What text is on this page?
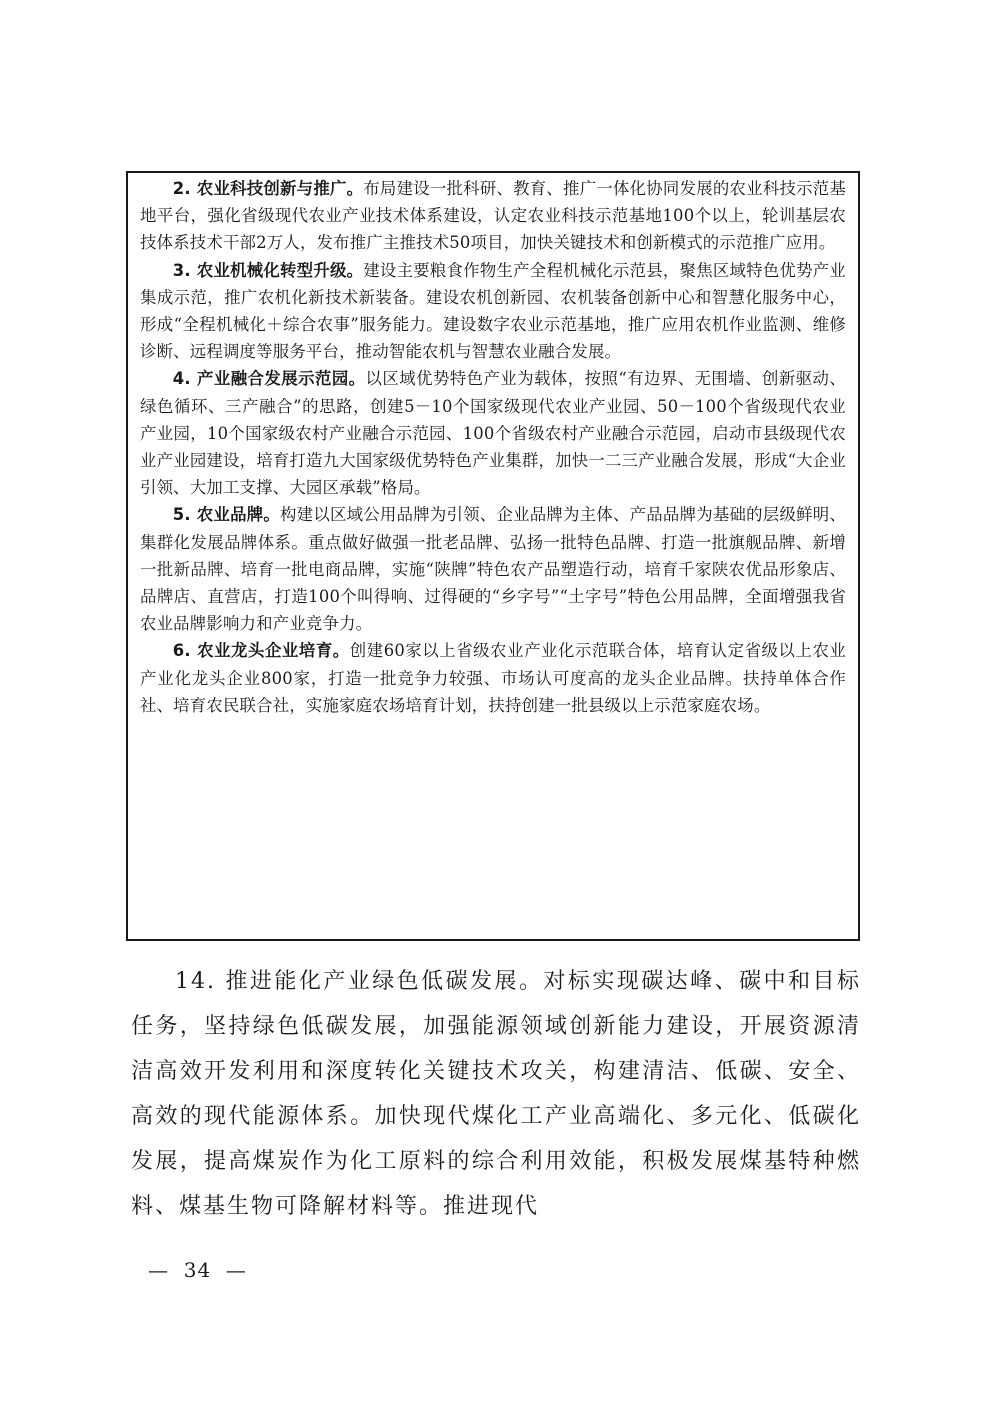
2. 农业科技创新与推广。布局建设一批科研、教育、推广一体化协同发展的农业科技示范基地平台，强化省级现代农业产业技术体系建设，认定农业科技示范基地100个以上，轮训基层农技体系技术干部2万人，发布推广主推技术50项目，加快关键技术和创新模式的示范推广应用。

3. 农业机械化转型升级。建设主要粮食作物生产全程机械化示范县，聚焦区域特色优势产业集成示范，推广农机化新技术新装备。建设农机创新园、农机装备创新中心和智慧化服务中心，形成“全程机械化＋综合农事”服务能力。建设数字农业示范基地，推广应用农机作业监测、维修诊断、远程调度等服务平台，推动智能农机与智慧农业融合发展。

4. 产业融合发展示范园。以区域优势特色产业为载体，按照“有边界、无围墙、创新驱动、绿色循环、三产融合”的思路，创建5－10个国家级现代农业产业园、50－100个省级现代农业产业园，10个国家级农村产业融合示范园、100个省级农村产业融合示范园，启动市县级现代农业产业园建设，培育打造九大国家级优势特色产业集群，加快一二三产业融合发展，形成“大企业引领、大加工支撑、大园区承载”格局。

5. 农业品牌。构建以区域公用品牌为引领、企业品牌为主体、产品品牌为基础的层级鲜明、集群化发展品牌体系。重点做好做强一批老品牌、弘扬一批特色品牌、打造一批旗舰品牌、新增一批新品牌、培育一批电商品牌，实施“陕牌”特色农产品塑造行动，培育千家陕农优品形象店、品牌店、直营店，打造100个叫得响、过得硬的“乡字号”“土字号”特色公用品牌，全面增强我省农业品牌影响力和产业竞争力。

6. 农业龙头企业培育。创建60家以上省级农业产业化示范联合体，培育认定省级以上农业产业化龙头企业800家，打造一批竞争力较强、市场认可度高的龙头企业品牌。扶持单体合作社、培育农民联合社，实施家庭农场培育计划，扶持创建一批县级以上示范家庭农场。

14. 推进能化产业绿色低碳发展。对标实现碳达峰、碳中和目标任务，坚持绿色低碳发展，加强能源领域创新能力建设，开展资源清洁高效开发利用和深度转化关键技术攻关，构建清洁、低碳、安全、高效的现代能源体系。加快现代煤化工产业高端化、多元化、低碳化发展，提高煤炭作为化工原料的综合利用效能，积极发展煤基特种燃料、煤基生物可降解材料等。推进现代

—  34  —
